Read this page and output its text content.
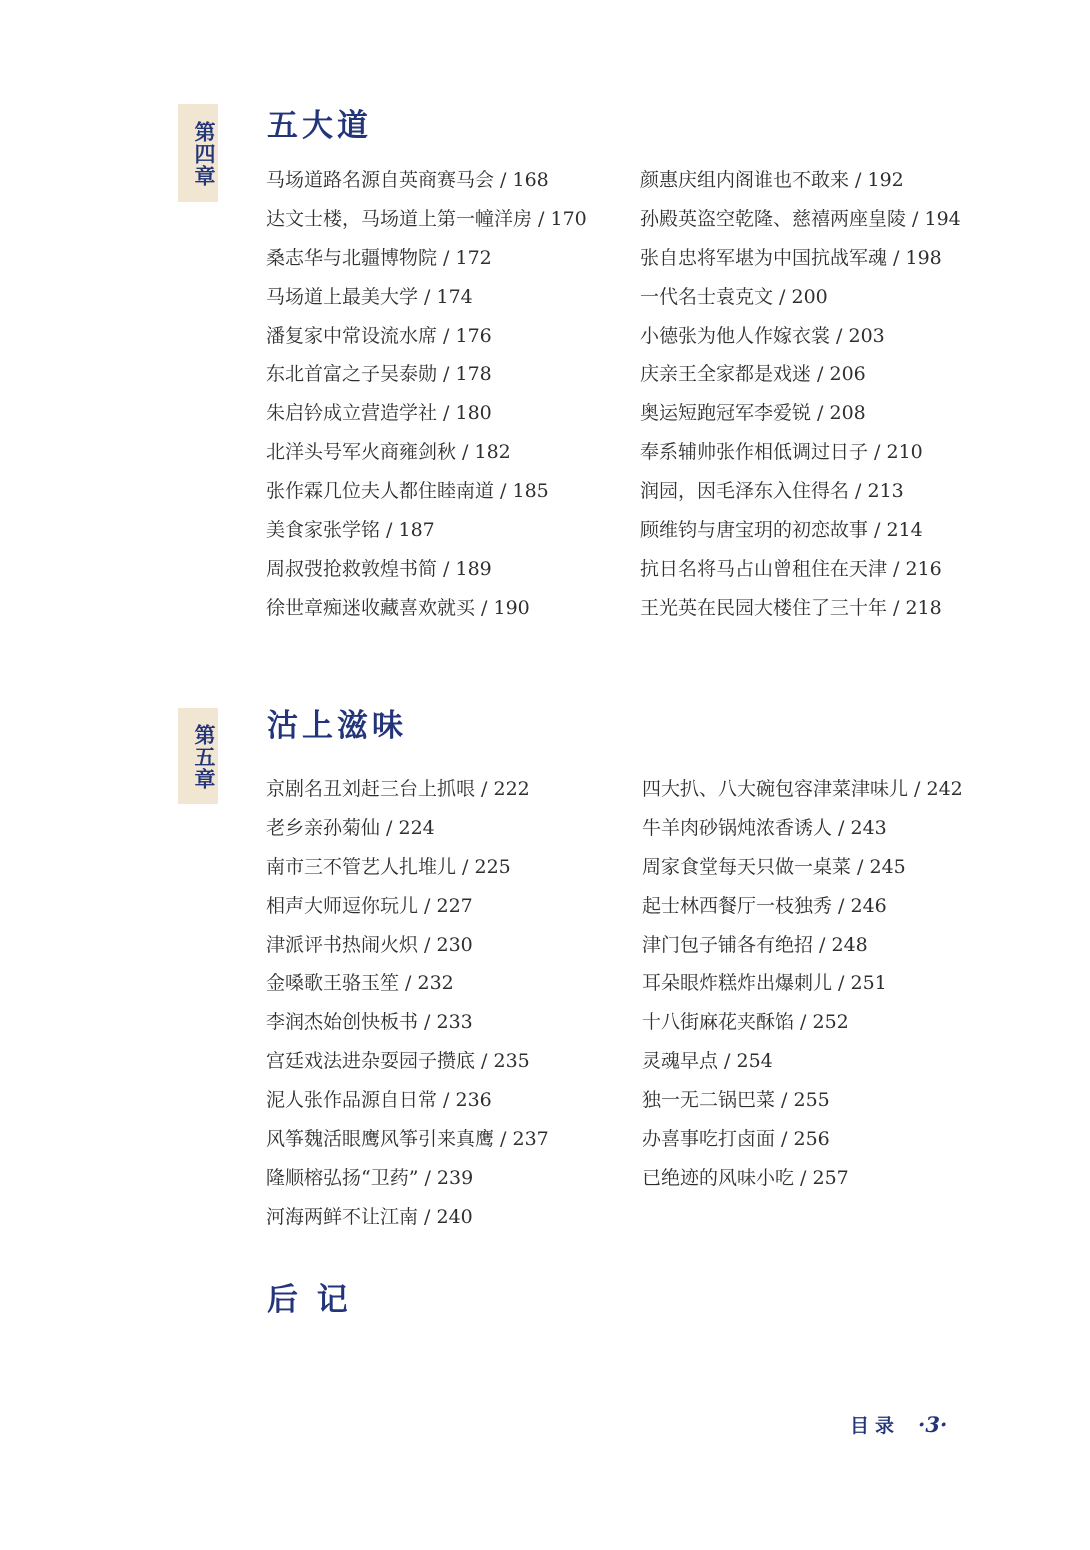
第四章 五大道
马场道路名源自英商赛马会 / 168
达文士楼，马场道上第一幢洋房 / 170
桑志华与北疆博物院 / 172
马场道上最美大学 / 174
潘复家中常设流水席 / 176
东北首富之子吴泰勋 / 178
朱启钤成立营造学社 / 180
北洋头号军火商雍剑秋 / 182
张作霖几位夫人都住睦南道 / 185
美食家张学铭 / 187
周叔弢抢救敦煌书简 / 189
徐世章痴迷收藏喜欢就买 / 190
颜惠庆组内阁谁也不敢来 / 192
孙殿英盗空乾隆、慈禧两座皇陵 / 194
张自忠将军堪为中国抗战军魂 / 198
一代名士袁克文 / 200
小德张为他人作嫁衣裳 / 203
庆亲王全家都是戏迷 / 206
奥运短跑冠军李爱锐 / 208
奉系辅帅张作相低调过日子 / 210
润园，因毛泽东入住得名 / 213
顾维钧与唐宝玥的初恋故事 / 214
抗日名将马占山曾租住在天津 / 216
王光英在民园大楼住了三十年 / 218
第五章 沽上滋味
京剧名丑刘赶三台上抓哏 / 222
老乡亲孙菊仙 / 224
南市三不管艺人扎堆儿 / 225
相声大师逗你玩儿 / 227
津派评书热闹火炽 / 230
金嗓歌王骆玉笙 / 232
李润杰始创快板书 / 233
宫廷戏法进杂耍园子攒底 / 235
泥人张作品源自日常 / 236
风筝魏活眼鹰风筝引来真鹰 / 237
隆顺榕弘扬“卫药” / 239
河海两鲜不让江南 / 240
四大扒、八大碗包容津菜津味儿 / 242
牛羊肉砂锅炖浓香诱人 / 243
周家食堂每天只做一桌菜 / 245
起士林西餐厅一枝独秀 / 246
津门包子铺各有绝招 / 248
耳朵眼炸糕炸出爆刺儿 / 251
十八街麻花夹酥馅 / 252
灵魂早点 / 254
独一无二锅巴菜 / 255
办喜事吃打卤面 / 256
已绝迹的风味小吃 / 257
后 记
目录 ·3·
